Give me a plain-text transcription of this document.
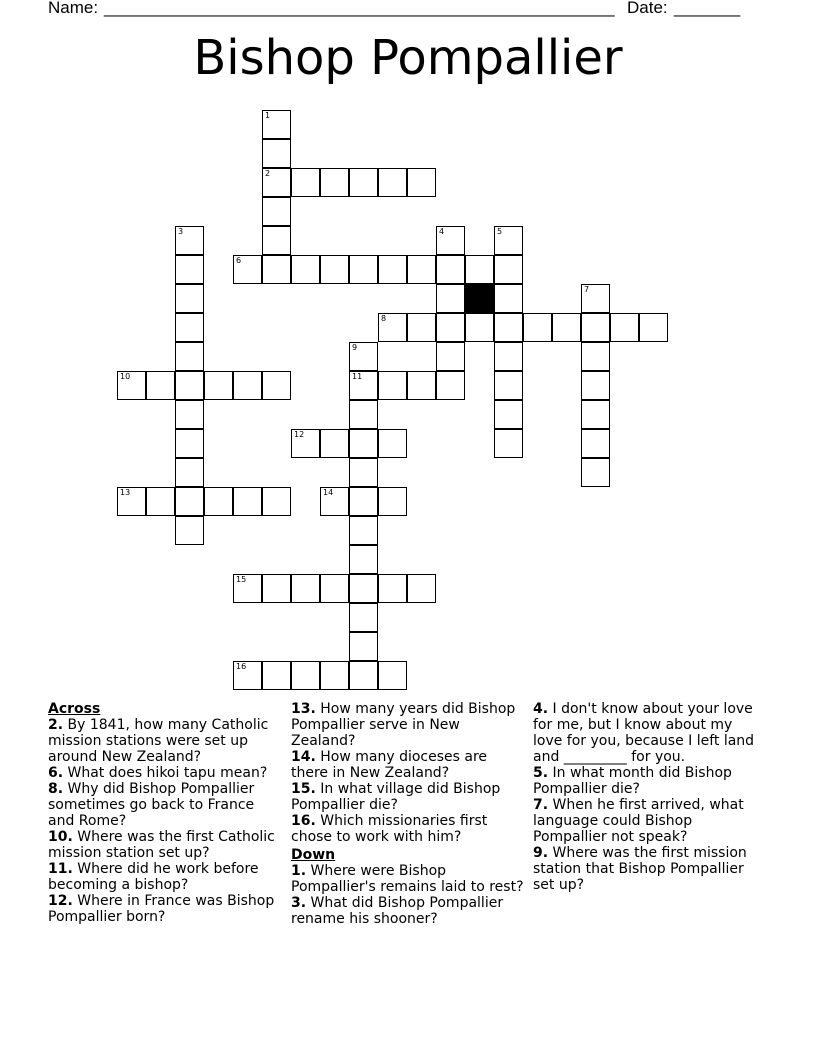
Name: ______________________________________________________ Date: _______
Bishop Pompallier
1
2
3	4	5
6
7
8
9
11
10
12
13	14
15
16
Across
2. By 1841, how many Catholic mission stations were set up around New Zealand?
6. What does hikoi tapu mean?
8. Why did Bishop Pompallier sometimes go back to France and Rome?
10. Where was the first Catholic mission station set up?
11. Where did he work before becoming a bishop?
12. Where in France was Bishop Pompallier born?
13. How many years did Bishop Pompallier serve in New Zealand?
14. How many dioceses are there in New Zealand?
15. In what village did Bishop Pompallier die?
16. Which missionaries first chose to work with him?
Down
1. Where were Bishop Pompallier's remains laid to rest?
3. What did Bishop Pompallier rename his shooner?
4. I don't know about your love for me, but I know about my love for you, because I left land and _________ for you.
5. In what month did Bishop Pompallier die?
7. When he first arrived, what language could Bishop Pompallier not speak?
9. Where was the first mission station that Bishop Pompallier set up?
